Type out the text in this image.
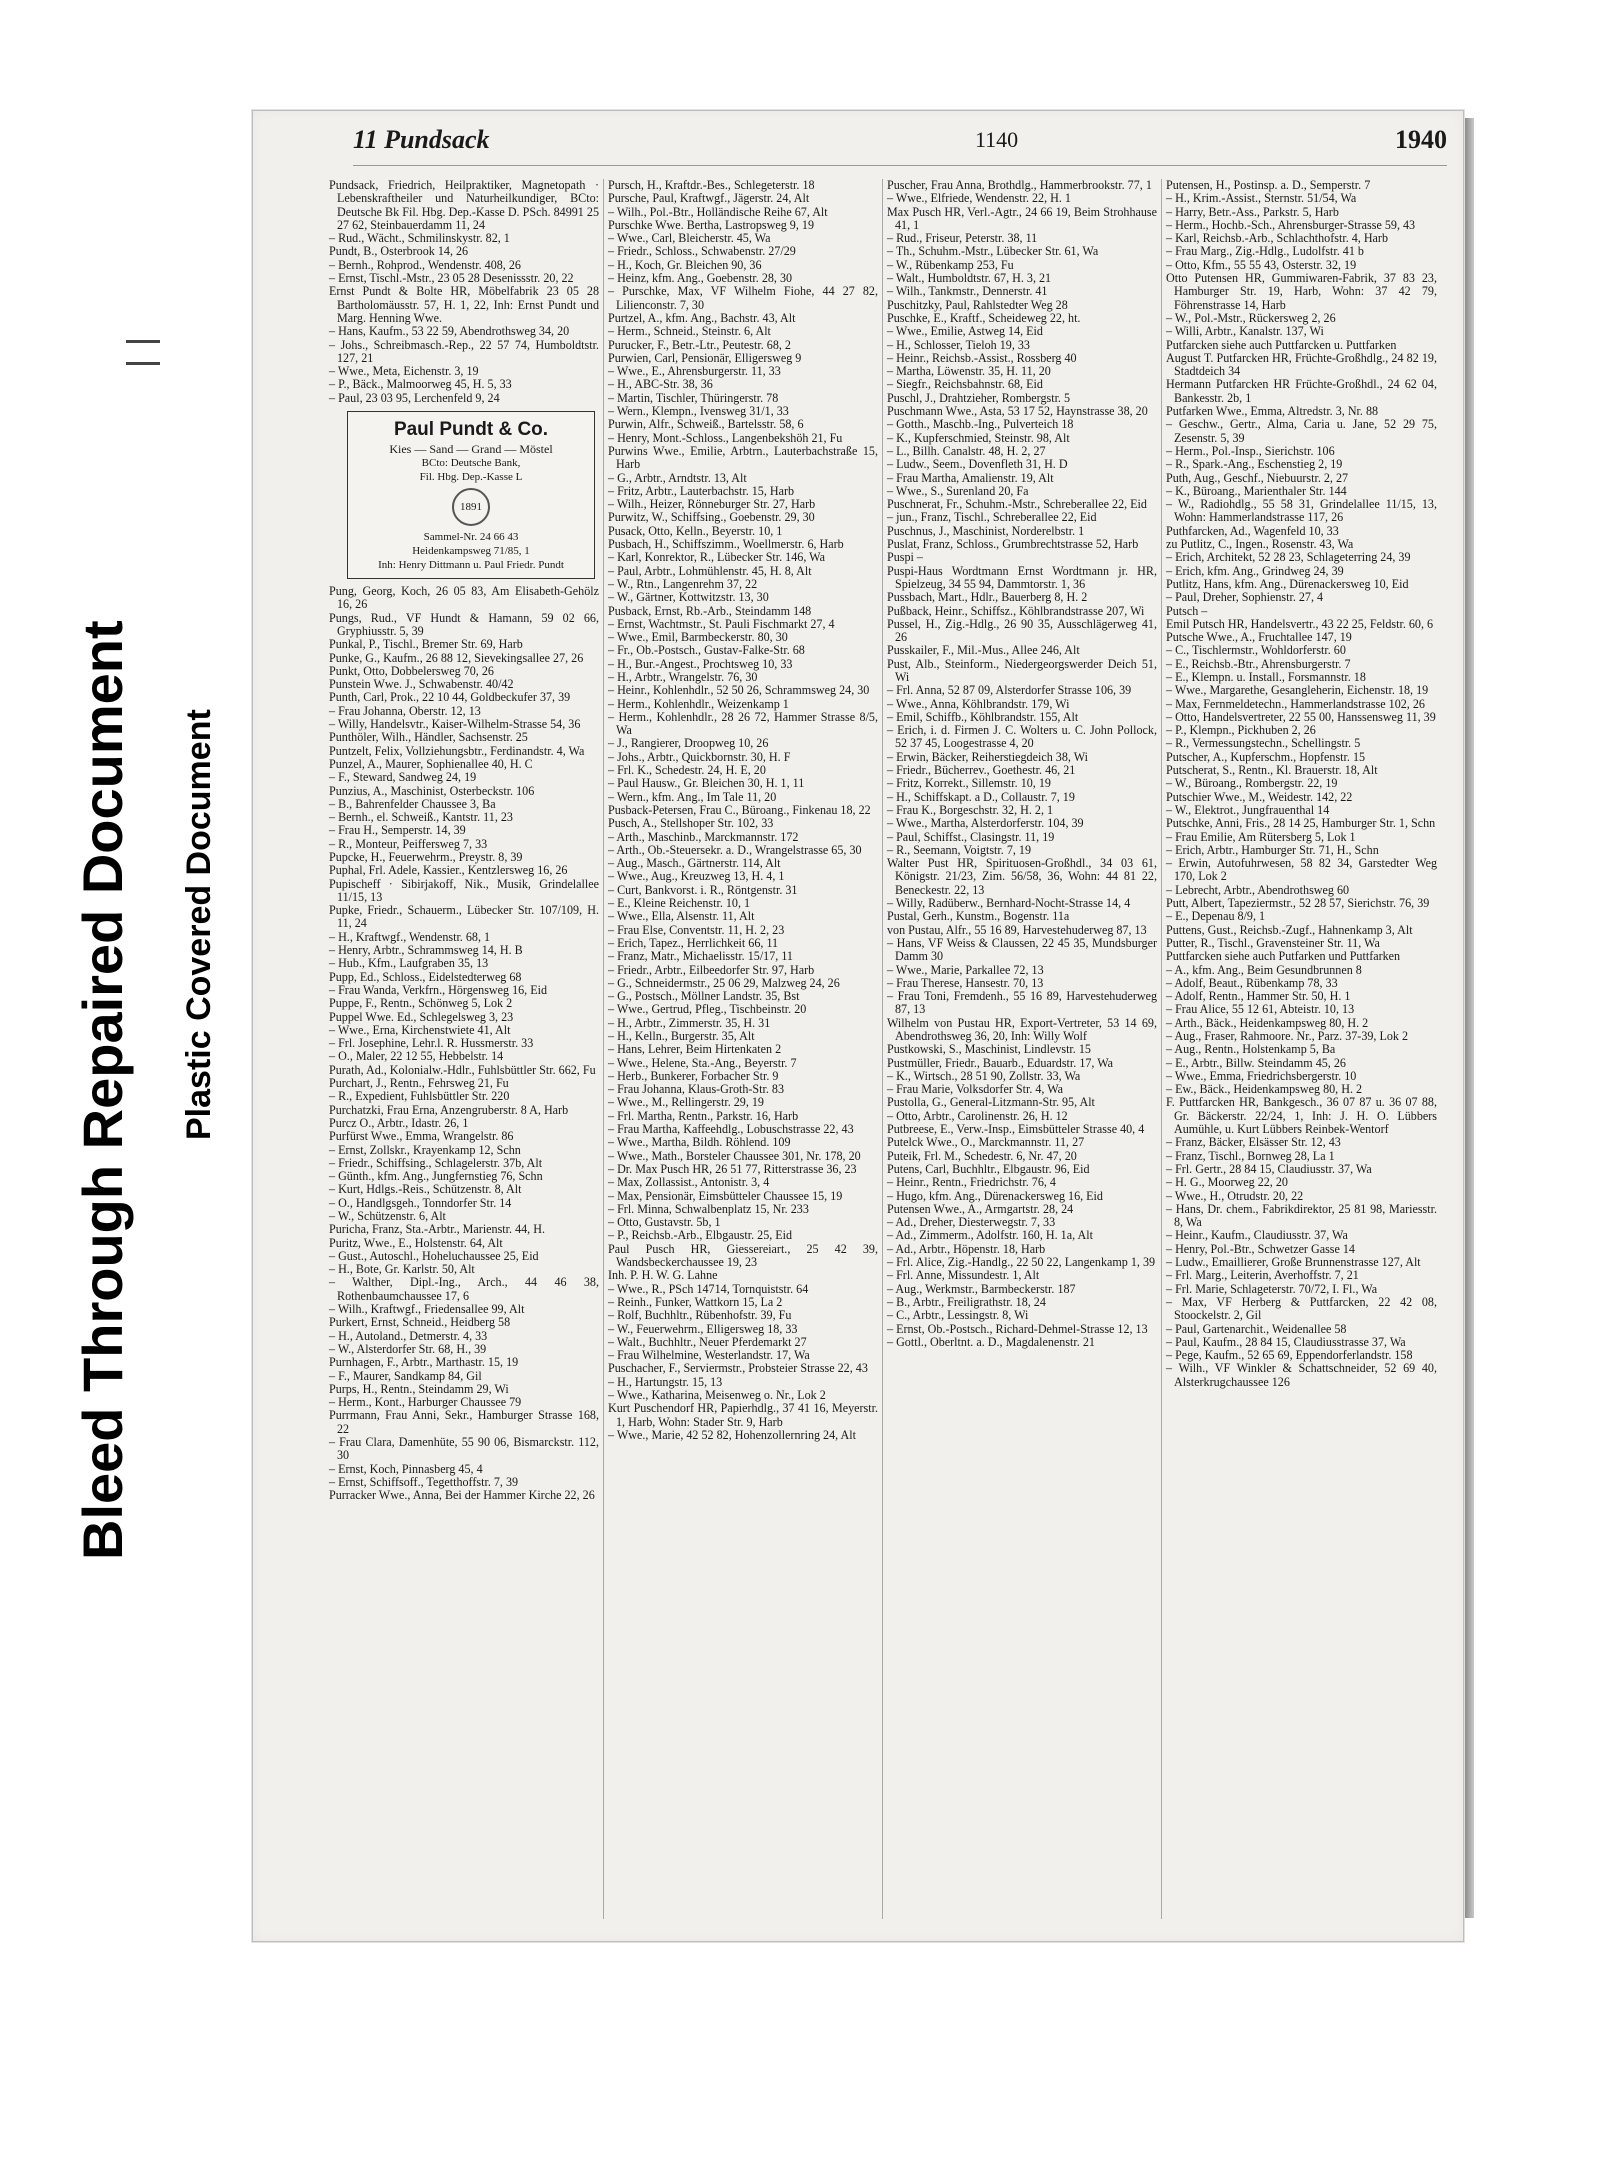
Bleed Through Repaired Document Plastic Covered Document
11 Pundsack	1140	1940

Pundsack, Friedrich, Heilpraktiker, Magnetopath · Lebenskraftheiler und Naturheilkundiger, BCto: Deutsche Bk Fil. Hbg. Dep.-Kasse D. PSch. 84991 25 27 62, Steinbauerdamm 11, 24

– Rud., Wächt., Schmilinskystr. 82, 1

Pundt, B., Osterbrook 14, 26

– Bernh., Rohprod., Wendenstr. 408, 26

– Ernst, Tischl.-Mstr., 23 05 28 Desenissstr. 20, 22

Ernst Pundt & Bolte HR, Möbelfabrik 23 05 28 Bartholomäusstr. 57, H. 1, 22, Inh: Ernst Pundt und Marg. Henning Wwe.

– Hans, Kaufm., 53 22 59, Abendrothsweg 34, 20

– Johs., Schreibmasch.-Rep., 22 57 74, Humboldtstr. 127, 21

– Wwe., Meta, Eichenstr. 3, 19

– P., Bäck., Malmoorweg 45, H. 5, 33

– Paul, 23 03 95, Lerchenfeld 9, 24

Paul Pundt & Co.
Kies — Sand — Grand — Möstel
BCto: Deutsche Bank,
Fil. Hbg. Dep.-Kasse L
1891
Sammel-Nr. 24 66 43
Heidenkampsweg 71/85, 1
Inh: Henry Dittmann u. Paul Friedr. Pundt

Pung, Georg, Koch, 26 05 83, Am Elisabeth-Gehölz 16, 26

Pungs, Rud., VF Hundt & Hamann, 59 02 66, Gryphiusstr. 5, 39

Punkal, P., Tischl., Bremer Str. 69, Harb

Punke, G., Kaufm., 26 88 12, Sievekingsallee 27, 26

Punkt, Otto, Dobbelersweg 70, 26

Punstein Wwe. J., Schwabenstr. 40/42

Punth, Carl, Prok., 22 10 44, Goldbeckufer 37, 39

– Frau Johanna, Oberstr. 12, 13

– Willy, Handelsvtr., Kaiser-Wilhelm-Strasse 54, 36

Punthöler, Wilh., Händler, Sachsenstr. 25

Puntzelt, Felix, Vollziehungsbtr., Ferdinandstr. 4, Wa

Punzel, A., Maurer, Sophienallee 40, H. C

– F., Steward, Sandweg 24, 19

Punzius, A., Maschinist, Osterbeckstr. 106

– B., Bahrenfelder Chaussee 3, Ba

– Bernh., el. Schweiß., Kantstr. 11, 23

– Frau H., Semperstr. 14, 39

– R., Monteur, Peiffersweg 7, 33

Pupcke, H., Feuerwehrm., Preystr. 8, 39

Puphal, Frl. Adele, Kassier., Kentzlersweg 16, 26

Pupischeff · Sibirjakoff, Nik., Musik, Grindelallee 11/15, 13

Pupke, Friedr., Schauerm., Lübecker Str. 107/109, H. 11, 24

– H., Kraftwgf., Wendenstr. 68, 1

– Henry, Arbtr., Schrammsweg 14, H. B

– Hub., Kfm., Laufgraben 35, 13

Pupp, Ed., Schloss., Eidelstedterweg 68

– Frau Wanda, Verkfrn., Hörgensweg 16, Eid

Puppe, F., Rentn., Schönweg 5, Lok 2

Puppel Wwe. Ed., Schlegelsweg 3, 23

– Wwe., Erna, Kirchenstwiete 41, Alt

– Frl. Josephine, Lehr.l. R. Hussmerstr. 33

– O., Maler, 22 12 55, Hebbelstr. 14

Purath, Ad., Kolonialw.-Hdlr., Fuhlsbüttler Str. 662, Fu

Purchart, J., Rentn., Fehrsweg 21, Fu

– R., Expedient, Fuhlsbüttler Str. 220

Purchatzki, Frau Erna, Anzengruberstr. 8 A, Harb

Purcz O., Arbtr., Idastr. 26, 1

Purfürst Wwe., Emma, Wrangelstr. 86

– Ernst, Zollskr., Krayenkamp 12, Schn

– Friedr., Schiffsing., Schlagelerstr. 37b, Alt

– Günth., kfm. Ang., Jungfernstieg 76, Schn

– Kurt, Hdlgs.-Reis., Schützenstr. 8, Alt

– O., Handlgsgeh., Tonndorfer Str. 14

– W., Schützenstr. 6, Alt

Puricha, Franz, Sta.-Arbtr., Marienstr. 44, H.

Puritz, Wwe., E., Holstenstr. 64, Alt

– Gust., Autoschl., Hoheluchaussee 25, Eid

– H., Bote, Gr. Karlstr. 50, Alt

– Walther, Dipl.-Ing., Arch., 44 46 38, Rothenbaumchaussee 17, 6

– Wilh., Kraftwgf., Friedensallee 99, Alt

Purkert, Ernst, Schneid., Heidberg 58

– H., Autoland., Detmerstr. 4, 33

– W., Alsterdorfer Str. 68, H., 39

Purnhagen, F., Arbtr., Marthastr. 15, 19

– F., Maurer, Sandkamp 84, Gil

Purps, H., Rentn., Steindamm 29, Wi

– Herm., Kont., Harburger Chaussee 79

Purrmann, Frau Anni, Sekr., Hamburger Strasse 168, 22

– Frau Clara, Damenhüte, 55 90 06, Bismarckstr. 112, 30

– Ernst, Koch, Pinnasberg 45, 4

– Ernst, Schiffsoff., Tegetthoffstr. 7, 39

Purracker Wwe., Anna, Bei der Hammer Kirche 22, 26

Pursch, H., Kraftdr.-Bes., Schlegeterstr. 18

Pursche, Paul, Kraftwgf., Jägerstr. 24, Alt

– Wilh., Pol.-Btr., Holländische Reihe 67, Alt

Purschke Wwe. Bertha, Lastropsweg 9, 19

– Wwe., Carl, Bleicherstr. 45, Wa

– Friedr., Schloss., Schwabenstr. 27/29

– H., Koch, Gr. Bleichen 90, 36

– Heinz, kfm. Ang., Goebenstr. 28, 30

– Purschke, Max, VF Wilhelm Fiohe, 44 27 82, Lilienconstr. 7, 30

Purtzel, A., kfm. Ang., Bachstr. 43, Alt

– Herm., Schneid., Steinstr. 6, Alt

Purucker, F., Betr.-Ltr., Peutestr. 68, 2

Purwien, Carl, Pensionär, Elligersweg 9

– Wwe., E., Ahrensburgerstr. 11, 33

– H., ABC-Str. 38, 36

– Martin, Tischler, Thüringerstr. 78

– Wern., Klempn., Ivensweg 31/1, 33

Purwin, Alfr., Schweiß., Bartelsstr. 58, 6

– Henry, Mont.-Schloss., Langenbekshöh 21, Fu

Purwins Wwe., Emilie, Arbtrn., Lauterbachstraße 15, Harb

– G., Arbtr., Arndtstr. 13, Alt

– Fritz, Arbtr., Lauterbachstr. 15, Harb

– Wilh., Heizer, Rönneburger Str. 27, Harb

Purwitz, W., Schiffsing., Goebenstr. 29, 30

Pusack, Otto, Kelln., Beyerstr. 10, 1

Pusbach, H., Schiffszimm., Woellmerstr. 6, Harb

– Karl, Konrektor, R., Lübecker Str. 146, Wa

– Paul, Arbtr., Lohmühlenstr. 45, H. 8, Alt

– W., Rtn., Langenrehm 37, 22

– W., Gärtner, Kottwitzstr. 13, 30

Pusback, Ernst, Rb.-Arb., Steindamm 148

– Ernst, Wachtmstr., St. Pauli Fischmarkt 27, 4

– Wwe., Emil, Barmbeckerstr. 80, 30

– Fr., Ob.-Postsch., Gustav-Falke-Str. 68

– H., Bur.-Angest., Prochtsweg 10, 33

– H., Arbtr., Wrangelstr. 76, 30

– Heinr., Kohlenhdlr., 52 50 26, Schrammsweg 24, 30

– Herm., Kohlenhdlr., Weizenkamp 1

– Herm., Kohlenhdlr., 28 26 72, Hammer Strasse 8/5, Wa

– J., Rangierer, Droopweg 10, 26

– Johs., Arbtr., Quickbornstr. 30, H. F

– Frl. K., Schedestr. 24, H. E, 20

– Paul Hausw., Gr. Bleichen 30, H. 1, 11

– Wern., kfm. Ang., Im Tale 11, 20

Pusback-Petersen, Frau C., Büroang., Finkenau 18, 22

Pusch, A., Stellshoper Str. 102, 33

– Arth., Maschinb., Marckmannstr. 172

– Arth., Ob.-Steuersekr. a. D., Wrangelstrasse 65, 30

– Aug., Masch., Gärtnerstr. 114, Alt

– Wwe., Aug., Kreuzweg 13, H. 4, 1

– Curt, Bankvorst. i. R., Röntgenstr. 31

– E., Kleine Reichenstr. 10, 1

– Wwe., Ella, Alsenstr. 11, Alt

– Frau Else, Conventstr. 11, H. 2, 23

– Erich, Tapez., Herrlichkeit 66, 11

– Franz, Matr., Michaelisstr. 15/17, 11

– Friedr., Arbtr., Eilbeedorfer Str. 97, Harb

– G., Schneidermstr., 25 06 29, Malzweg 24, 26

– G., Postsch., Möllner Landstr. 35, Bst

– Wwe., Gertrud, Pfleg., Tischbeinstr. 20

– H., Arbtr., Zimmerstr. 35, H. 31

– H., Kelln., Burgerstr. 35, Alt

– Hans, Lehrer, Beim Hirtenkaten 2

– Wwe., Helene, Sta.-Ang., Beyerstr. 7

– Herb., Bunkerer, Forbacher Str. 9

– Frau Johanna, Klaus-Groth-Str. 83

– Wwe., M., Rellingerstr. 29, 19

– Frl. Martha, Rentn., Parkstr. 16, Harb

– Frau Martha, Kaffeehdlg., Lobuschstrasse 22, 43

– Wwe., Martha, Bildh. Röhlend. 109

– Wwe., Math., Borsteler Chaussee 301, Nr. 178, 20

– Dr. Max Pusch HR, 26 51 77, Ritterstrasse 36, 23

– Max, Zollassist., Antonistr. 3, 4

– Max, Pensionär, Eimsbütteler Chaussee 15, 19

– Frl. Minna, Schwalbenplatz 15, Nr. 233

– Otto, Gustavstr. 5b, 1

– P., Reichsb.-Arb., Elbgaustr. 25, Eid

Paul Pusch HR, Giessereiart., 25 42 39, Wandsbeckerchaussee 19, 23

Inh. P. H. W. G. Lahne

– Wwe., R., PSch 14714, Tornquiststr. 64

– Reinh., Funker, Wattkorn 15, La 2

– Rolf, Buchhltr., Rübenhofstr. 39, Fu

– W., Feuerwehrm., Elligersweg 18, 33

– Walt., Buchhltr., Neuer Pferdemarkt 27

– Frau Wilhelmine, Westerlandstr. 17, Wa

Puschacher, F., Serviermstr., Probsteier Strasse 22, 43

– H., Hartungstr. 15, 13

– Wwe., Katharina, Meisenweg o. Nr., Lok 2

Kurt Puschendorf HR, Papierhdlg., 37 41 16, Meyerstr. 1, Harb, Wohn: Stader Str. 9, Harb

– Wwe., Marie, 42 52 82, Hohenzollernring 24, Alt

Puscher, Frau Anna, Brothdlg., Hammerbrookstr. 77, 1

– Wwe., Elfriede, Wendenstr. 22, H. 1

Max Pusch HR, Verl.-Agtr., 24 66 19, Beim Strohhause 41, 1

– Rud., Friseur, Peterstr. 38, 11

– Th., Schuhm.-Mstr., Lübecker Str. 61, Wa

– W., Rübenkamp 253, Fu

– Walt., Humboldtstr. 67, H. 3, 21

– Wilh., Tankmstr., Dennerstr. 41

Puschitzky, Paul, Rahlstedter Weg 28

Puschke, E., Kraftf., Scheideweg 22, ht.

– Wwe., Emilie, Astweg 14, Eid

– H., Schlosser, Tieloh 19, 33

– Heinr., Reichsb.-Assist., Rossberg 40

– Martha, Löwenstr. 35, H. 11, 20

– Siegfr., Reichsbahnstr. 68, Eid

Puschl, J., Drahtzieher, Rombergstr. 5

Puschmann Wwe., Asta, 53 17 52, Haynstrasse 38, 20

– Gotth., Maschb.-Ing., Pulverteich 18

– K., Kupferschmied, Steinstr. 98, Alt

– L., Billh. Canalstr. 48, H. 2, 27

– Ludw., Seem., Dovenfleth 31, H. D

– Frau Martha, Amalienstr. 19, Alt

– Wwe., S., Surenland 20, Fa

Puschnerat, Fr., Schuhm.-Mstr., Schreberallee 22, Eid

– jun., Franz, Tischl., Schreberallee 22, Eid

Puschnus, J., Maschinist, Norderelbstr. 1

Puslat, Franz, Schloss., Grumbrechtstrasse 52, Harb

Puspi –

Puspi-Haus Wordtmann Ernst Wordtmann jr. HR, Spielzeug, 34 55 94, Dammtorstr. 1, 36

Pussbach, Mart., Hdlr., Bauerberg 8, H. 2

Pußback, Heinr., Schiffsz., Köhlbrandstrasse 207, Wi

Pussel, H., Zig.-Hdlg., 26 90 35, Ausschlägerweg 41, 26

Pusskailer, F., Mil.-Mus., Allee 246, Alt

Pust, Alb., Steinform., Niedergeorgswerder Deich 51, Wi

– Frl. Anna, 52 87 09, Alsterdorfer Strasse 106, 39

– Wwe., Anna, Köhlbrandstr. 179, Wi

– Emil, Schiffb., Köhlbrandstr. 155, Alt

– Erich, i. d. Firmen J. C. Wolters u. C. John Pollock, 52 37 45, Loogestrasse 4, 20

– Erwin, Bäcker, Reiherstiegdeich 38, Wi

– Friedr., Bücherrev., Goethestr. 46, 21

– Fritz, Korrekt., Sillemstr. 10, 19

– H., Schiffskapt. a D., Collaustr. 7, 19

– Frau K., Borgeschstr. 32, H. 2, 1

– Wwe., Martha, Alsterdorferstr. 104, 39

– Paul, Schiffst., Clasingstr. 11, 19

– R., Seemann, Voigtstr. 7, 19

Walter Pust HR, Spirituosen-Großhdl., 34 03 61, Königstr. 21/23, Zim. 56/58, 36, Wohn: 44 81 22, Beneckestr. 22, 13

– Willy, Radüberw., Bernhard-Nocht-Strasse 14, 4

Pustal, Gerh., Kunstm., Bogenstr. 11a

von Pustau, Alfr., 55 16 89, Harvestehuderweg 87, 13

– Hans, VF Weiss & Claussen, 22 45 35, Mundsburger Damm 30

– Wwe., Marie, Parkallee 72, 13

– Frau Therese, Hansestr. 70, 13

– Frau Toni, Fremdenh., 55 16 89, Harvestehuderweg 87, 13

Wilhelm von Pustau HR, Export-Vertreter, 53 14 69, Abendrothsweg 36, 20, Inh: Willy Wolf

Pustkowski, S., Maschinist, Lindlevstr. 15

Pustmüller, Friedr., Bauarb., Eduardstr. 17, Wa

– K., Wirtsch., 28 51 90, Zollstr. 33, Wa

– Frau Marie, Volksdorfer Str. 4, Wa

Pustolla, G., General-Litzmann-Str. 95, Alt

– Otto, Arbtr., Carolinenstr. 26, H. 12

Putbreese, E., Verw.-Insp., Eimsbütteler Strasse 40, 4

Putelck Wwe., O., Marckmannstr. 11, 27

Puteik, Frl. M., Schedestr. 6, Nr. 47, 20

Putens, Carl, Buchhltr., Elbgaustr. 96, Eid

– Heinr., Rentn., Friedrichstr. 76, 4

– Hugo, kfm. Ang., Dürenackersweg 16, Eid

Putensen Wwe., A., Armgartstr. 28, 24

– Ad., Dreher, Diesterwegstr. 7, 33

– Ad., Zimmerm., Adolfstr. 160, H. 1a, Alt

– Ad., Arbtr., Höpenstr. 18, Harb

– Frl. Alice, Zig.-Handlg., 22 50 22, Langenkamp 1, 39

– Frl. Anne, Missundestr. 1, Alt

– Aug., Werkmstr., Barmbeckerstr. 187

– B., Arbtr., Freiligrathstr. 18, 24

– C., Arbtr., Lessingstr. 8, Wi

– Ernst, Ob.-Postsch., Richard-Dehmel-Strasse 12, 13

– Gottl., Oberltnt. a. D., Magdalenenstr. 21

Putensen, H., Postinsp. a. D., Semperstr. 7

– H., Krim.-Assist., Sternstr. 51/54, Wa

– Harry, Betr.-Ass., Parkstr. 5, Harb

– Herm., Hochb.-Sch., Ahrensburger-Strasse 59, 43

– Karl, Reichsb.-Arb., Schlachthofstr. 4, Harb

– Frau Marg., Zig.-Hdlg., Ludolfstr. 41 b

– Otto, Kfm., 55 55 43, Osterstr. 32, 19

Otto Putensen HR, Gummiwaren-Fabrik, 37 83 23, Hamburger Str. 19, Harb, Wohn: 37 42 79, Föhrenstrasse 14, Harb

– W., Pol.-Mstr., Rückersweg 2, 26

– Willi, Arbtr., Kanalstr. 137, Wi

Putfarcken siehe auch Puttfarcken u. Puttfarken

August T. Putfarcken HR, Früchte-Großhdlg., 24 82 19, Stadtdeich 34

Hermann Putfarcken HR Früchte-Großhdl., 24 62 04, Bankesstr. 2b, 1

Putfarken Wwe., Emma, Altredstr. 3, Nr. 88

– Geschw., Gertr., Alma, Caria u. Jane, 52 29 75, Zesenstr. 5, 39

– Herm., Pol.-Insp., Sierichstr. 106

– R., Spark.-Ang., Eschenstieg 2, 19

Puth, Aug., Geschf., Niebuurstr. 2, 27

– K., Büroang., Marienthaler Str. 144

– W., Radiohdlg., 55 58 31, Grindelallee 11/15, 13, Wohn: Hammerlandstrasse 117, 26

Puthfarcken, Ad., Wagenfeld 10, 33

zu Putlitz, C., Ingen., Rosenstr. 43, Wa

– Erich, Architekt, 52 28 23, Schlageterring 24, 39

– Erich, kfm. Ang., Grindweg 24, 39

Putlitz, Hans, kfm. Ang., Dürenackersweg 10, Eid

– Paul, Dreher, Sophienstr. 27, 4

Putsch –

Emil Putsch HR, Handelsvertr., 43 22 25, Feldstr. 60, 6

Putsche Wwe., A., Fruchtallee 147, 19

– C., Tischlermstr., Wohldorferstr. 60

– E., Reichsb.-Btr., Ahrensburgerstr. 7

– E., Klempn. u. Install., Forsmannstr. 18

– Wwe., Margarethe, Gesangleherin, Eichenstr. 18, 19

– Max, Fernmeldetechn., Hammerlandstrasse 102, 26

– Otto, Handelsvertreter, 22 55 00, Hanssensweg 11, 39

– P., Klempn., Pickhuben 2, 26

– R., Vermessungstechn., Schellingstr. 5

Putscher, A., Kupferschm., Hopfenstr. 15

Putscherat, S., Rentn., Kl. Brauerstr. 18, Alt

– W., Büroang., Rombergstr. 22, 19

Putschier Wwe., M., Weidestr. 142, 22

– W., Elektrot., Jungfrauenthal 14

Putschke, Anni, Fris., 28 14 25, Hamburger Str. 1, Schn

– Frau Emilie, Am Rütersberg 5, Lok 1

– Erich, Arbtr., Hamburger Str. 71, H., Schn

– Erwin, Autofuhrwesen, 58 82 34, Garstedter Weg 170, Lok 2

– Lebrecht, Arbtr., Abendrothsweg 60

Putt, Albert, Tapeziermstr., 52 28 57, Sierichstr. 76, 39

– E., Depenau 8/9, 1

Puttens, Gust., Reichsb.-Zugf., Hahnenkamp 3, Alt

Putter, R., Tischl., Gravensteiner Str. 11, Wa

Puttfarcken siehe auch Putfarken und Puttfarken

– A., kfm. Ang., Beim Gesundbrunnen 8

– Adolf, Beaut., Rübenkamp 78, 33

– Adolf, Rentn., Hammer Str. 50, H. 1

– Frau Alice, 55 12 61, Abteistr. 10, 13

– Arth., Bäck., Heidenkampsweg 80, H. 2

– Aug., Fraser, Rahmoore. Nr., Parz. 37-39, Lok 2

– Aug., Rentn., Holstenkamp 5, Ba

– E., Arbtr., Billw. Steindamm 45, 26

– Wwe., Emma, Friedrichsbergerstr. 10

– Ew., Bäck., Heidenkampsweg 80, H. 2

F. Puttfarcken HR, Bankgesch., 36 07 87 u. 36 07 88, Gr. Bäckerstr. 22/24, 1, Inh: J. H. O. Lübbers Aumühle, u. Kurt Lübbers Reinbek-Wentorf

– Franz, Bäcker, Elsässer Str. 12, 43

– Franz, Tischl., Bornweg 28, La 1

– Frl. Gertr., 28 84 15, Claudiusstr. 37, Wa

– H. G., Moorweg 22, 20

– Wwe., H., Otrudstr. 20, 22

– Hans, Dr. chem., Fabrikdirektor, 25 81 98, Mariesstr. 8, Wa

– Heinr., Kaufm., Claudiusstr. 37, Wa

– Henry, Pol.-Btr., Schwetzer Gasse 14

– Ludw., Emaillierer, Große Brunnenstrasse 127, Alt

– Frl. Marg., Leiterin, Averhoffstr. 7, 21

– Frl. Marie, Schlageterstr. 70/72, I. Fl., Wa

– Max, VF Herberg & Puttfarcken, 22 42 08, Stoockelstr. 2, Gil

– Paul, Gartenarchit., Weidenallee 58

– Paul, Kaufm., 28 84 15, Claudiusstrasse 37, Wa

– Pege, Kaufm., 52 65 69, Eppendorferlandstr. 158

– Wilh., VF Winkler & Schattschneider, 52 69 40, Alsterkrugchaussee 126
